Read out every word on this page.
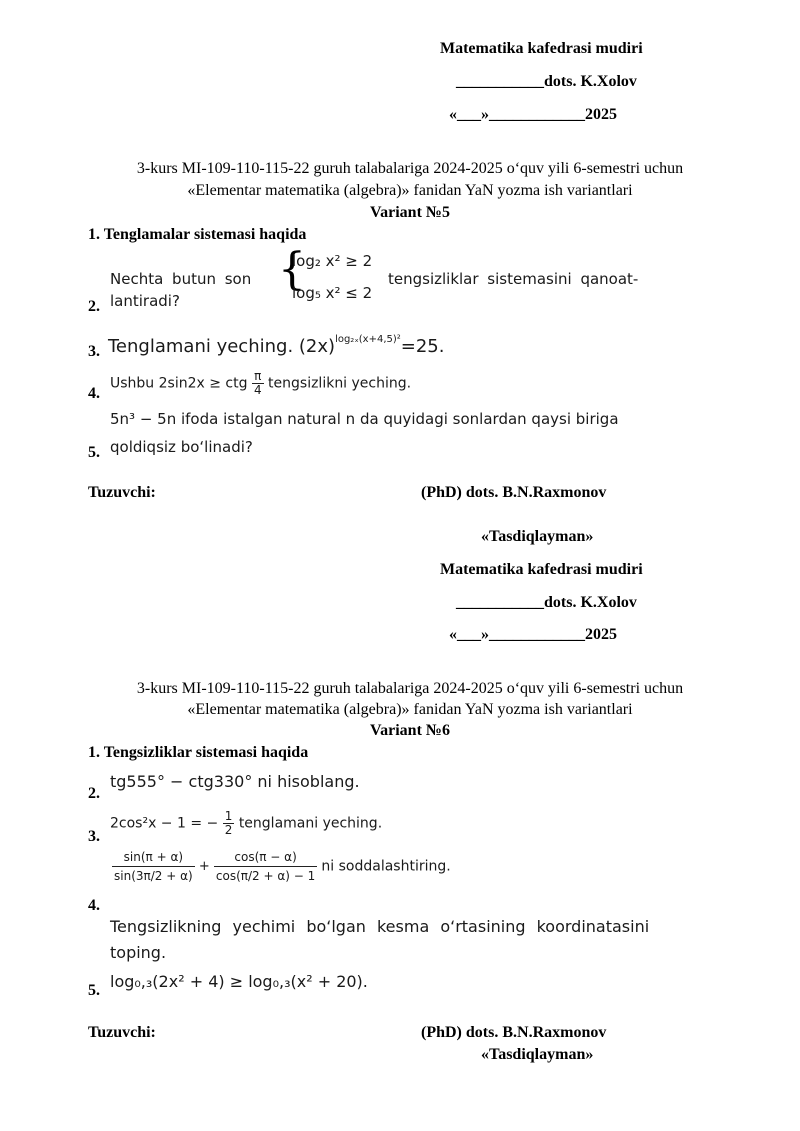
Matematika kafedrasi mudiri
___________dots. K.Xolov
«___»____________2025
3-kurs MI-109-110-115-22 guruh talabalariga 2024-2025 o‘quv yili 6-semestri uchun
«Elementar matematika (algebra)» fanidan YaN yozma ish variantlari
Variant №5
1. Tenglamalar sistemasi haqida
Nechta butun son {
log₂ x² ≥ 2
log₅ x² ≤ 2
tengsizliklar sistemasini qanoat-
2. lantiradi?
3. Tenglamani yeching. $(2x)^{log_{2x}(x+4,5)^2}=25$.
4.
Ushbu 2sin2x ≥ ctg $\frac{\pi}{4}$ tengsizlikni yeching.
5n³ − 5n ifoda istalgan natural n da quyidagi sonlardan qaysi biriga
5. qoldiqsiz bo‘linadi?
Tuzuvchi:	(PhD) dots. B.N.Raxmonov
«Tasdiqlayman»
Matematika kafedrasi mudiri
___________dots. K.Xolov
«___»____________2025
3-kurs MI-109-110-115-22 guruh talabalariga 2024-2025 o‘quv yili 6-semestri uchun
«Elementar matematika (algebra)» fanidan YaN yozma ish variantlari
Variant №6
1. Tengsizliklar sistemasi haqida
2.
tg555° − ctg330° ni hisoblang.
3.
2cos²x − 1 = − $\frac{1}{2}$ tenglamani yeching.
$\frac{\sin(\pi + \alpha)}{\sin(3\pi/2 + \alpha)} + \frac{\cos(\pi - \alpha)}{\cos(\pi/2 + \alpha) - 1}$ ni soddalashtiring.
4.
Tengsizlikning yechimi bo‘lgan kesma o‘rtasining koordinatasini
toping.
5. log₀,₃(2x² + 4) ≥ log₀,₃(x² + 20).
Tuzuvchi:	(PhD) dots. B.N.Raxmonov
«Tasdiqlayman»
